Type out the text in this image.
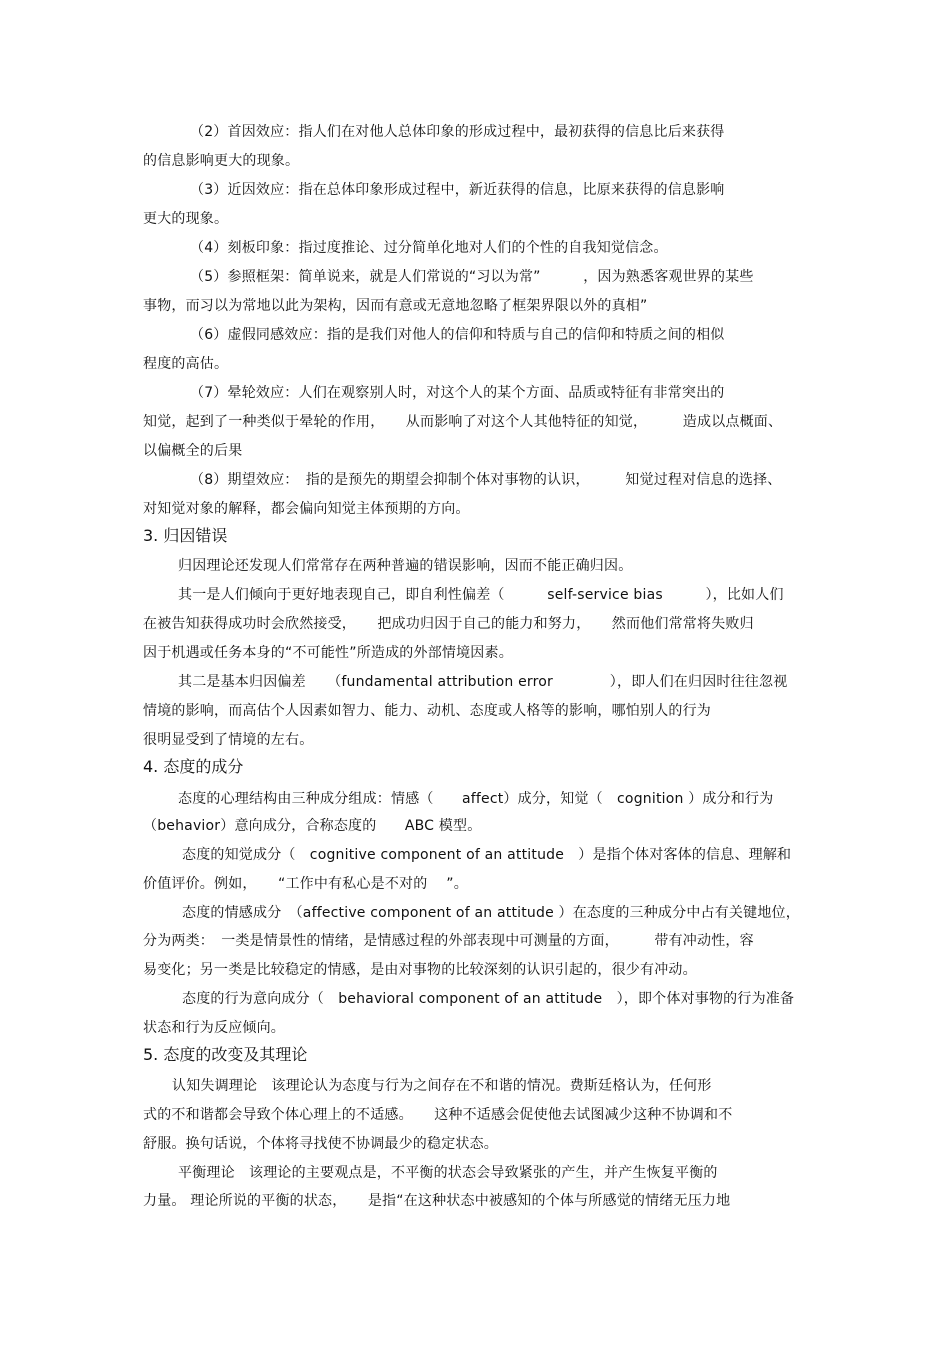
（2）首因效应：指人们在对他人总体印象的形成过程中，最初获得的信息比后来获得
的信息影响更大的现象。
（3）近因效应：指在总体印象形成过程中，新近获得的信息，比原来获得的信息影响
更大的现象。
（4）刻板印象：指过度推论、过分简单化地对人们的个性的自我知觉信念。
（5）参照框架：简单说来，就是人们常说的“习以为常”　　　，因为熟悉客观世界的某些
事物，而习以为常地以此为架构，因而有意或无意地忽略了框架界限以外的真相”
（6）虚假同感效应：指的是我们对他人的信仰和特质与自己的信仰和特质之间的相似
程度的高估。
（7）晕轮效应：人们在观察别人时，对这个人的某个方面、品质或特征有非常突出的
知觉，起到了一种类似于晕轮的作用，　　从而影响了对这个人其他特征的知觉，　　　造成以点概面、
以偏概全的后果
（8）期望效应：　指的是预先的期望会抑制个体对事物的认识，　　　知觉过程对信息的选择、
对知觉对象的解释，都会偏向知觉主体预期的方向。
3. 归因错误
归因理论还发现人们常常存在两种普遍的错误影响，因而不能正确归因。
其一是人们倾向于更好地表现自己，即自利性偏差（　　　self-service bias　　　），比如人们
在被告知获得成功时会欣然接受，　　把成功归因于自己的能力和努力，　　然而他们常常将失败归
因于机遇或任务本身的“不可能性”所造成的外部情境因素。
其二是基本归因偏差　　（fundamental attribution error　　　　），即人们在归因时往往忽视
情境的影响，而高估个人因素如智力、能力、动机、态度或人格等的影响，哪怕别人的行为
很明显受到了情境的左右。
4. 态度的成分
态度的心理结构由三种成分组成：情感（　　affect）成分，知觉（　cognition ）成分和行为
（behavior）意向成分，合称态度的　　ABC 模型。
态度的知觉成分（　cognitive component of an attitude　）是指个体对客体的信息、理解和
价值评价。例如，　　“工作中有私心是不对的　 ”。
态度的情感成分　（affective component of an attitude ）在态度的三种成分中占有关键地位，
分为两类：　一类是情景性的情绪，是情感过程的外部表现中可测量的方面，　　　带有冲动性，容
易变化；另一类是比较稳定的情感，是由对事物的比较深刻的认识引起的，很少有冲动。
态度的行为意向成分（　behavioral component of an attitude　），即个体对事物的行为准备
状态和行为反应倾向。
5. 态度的改变及其理论
认知失调理论　该理论认为态度与行为之间存在不和谐的情况。费斯廷格认为，任何形
式的不和谐都会导致个体心理上的不适感。　　这种不适感会促使他去试图减少这种不协调和不
舒服。换句话说，个体将寻找使不协调最少的稳定状态。
平衡理论　该理论的主要观点是，不平衡的状态会导致紧张的产生，并产生恢复平衡的
力量。 理论所说的平衡的状态，　　是指“在这种状态中被感知的个体与所感觉的情绪无压力地
